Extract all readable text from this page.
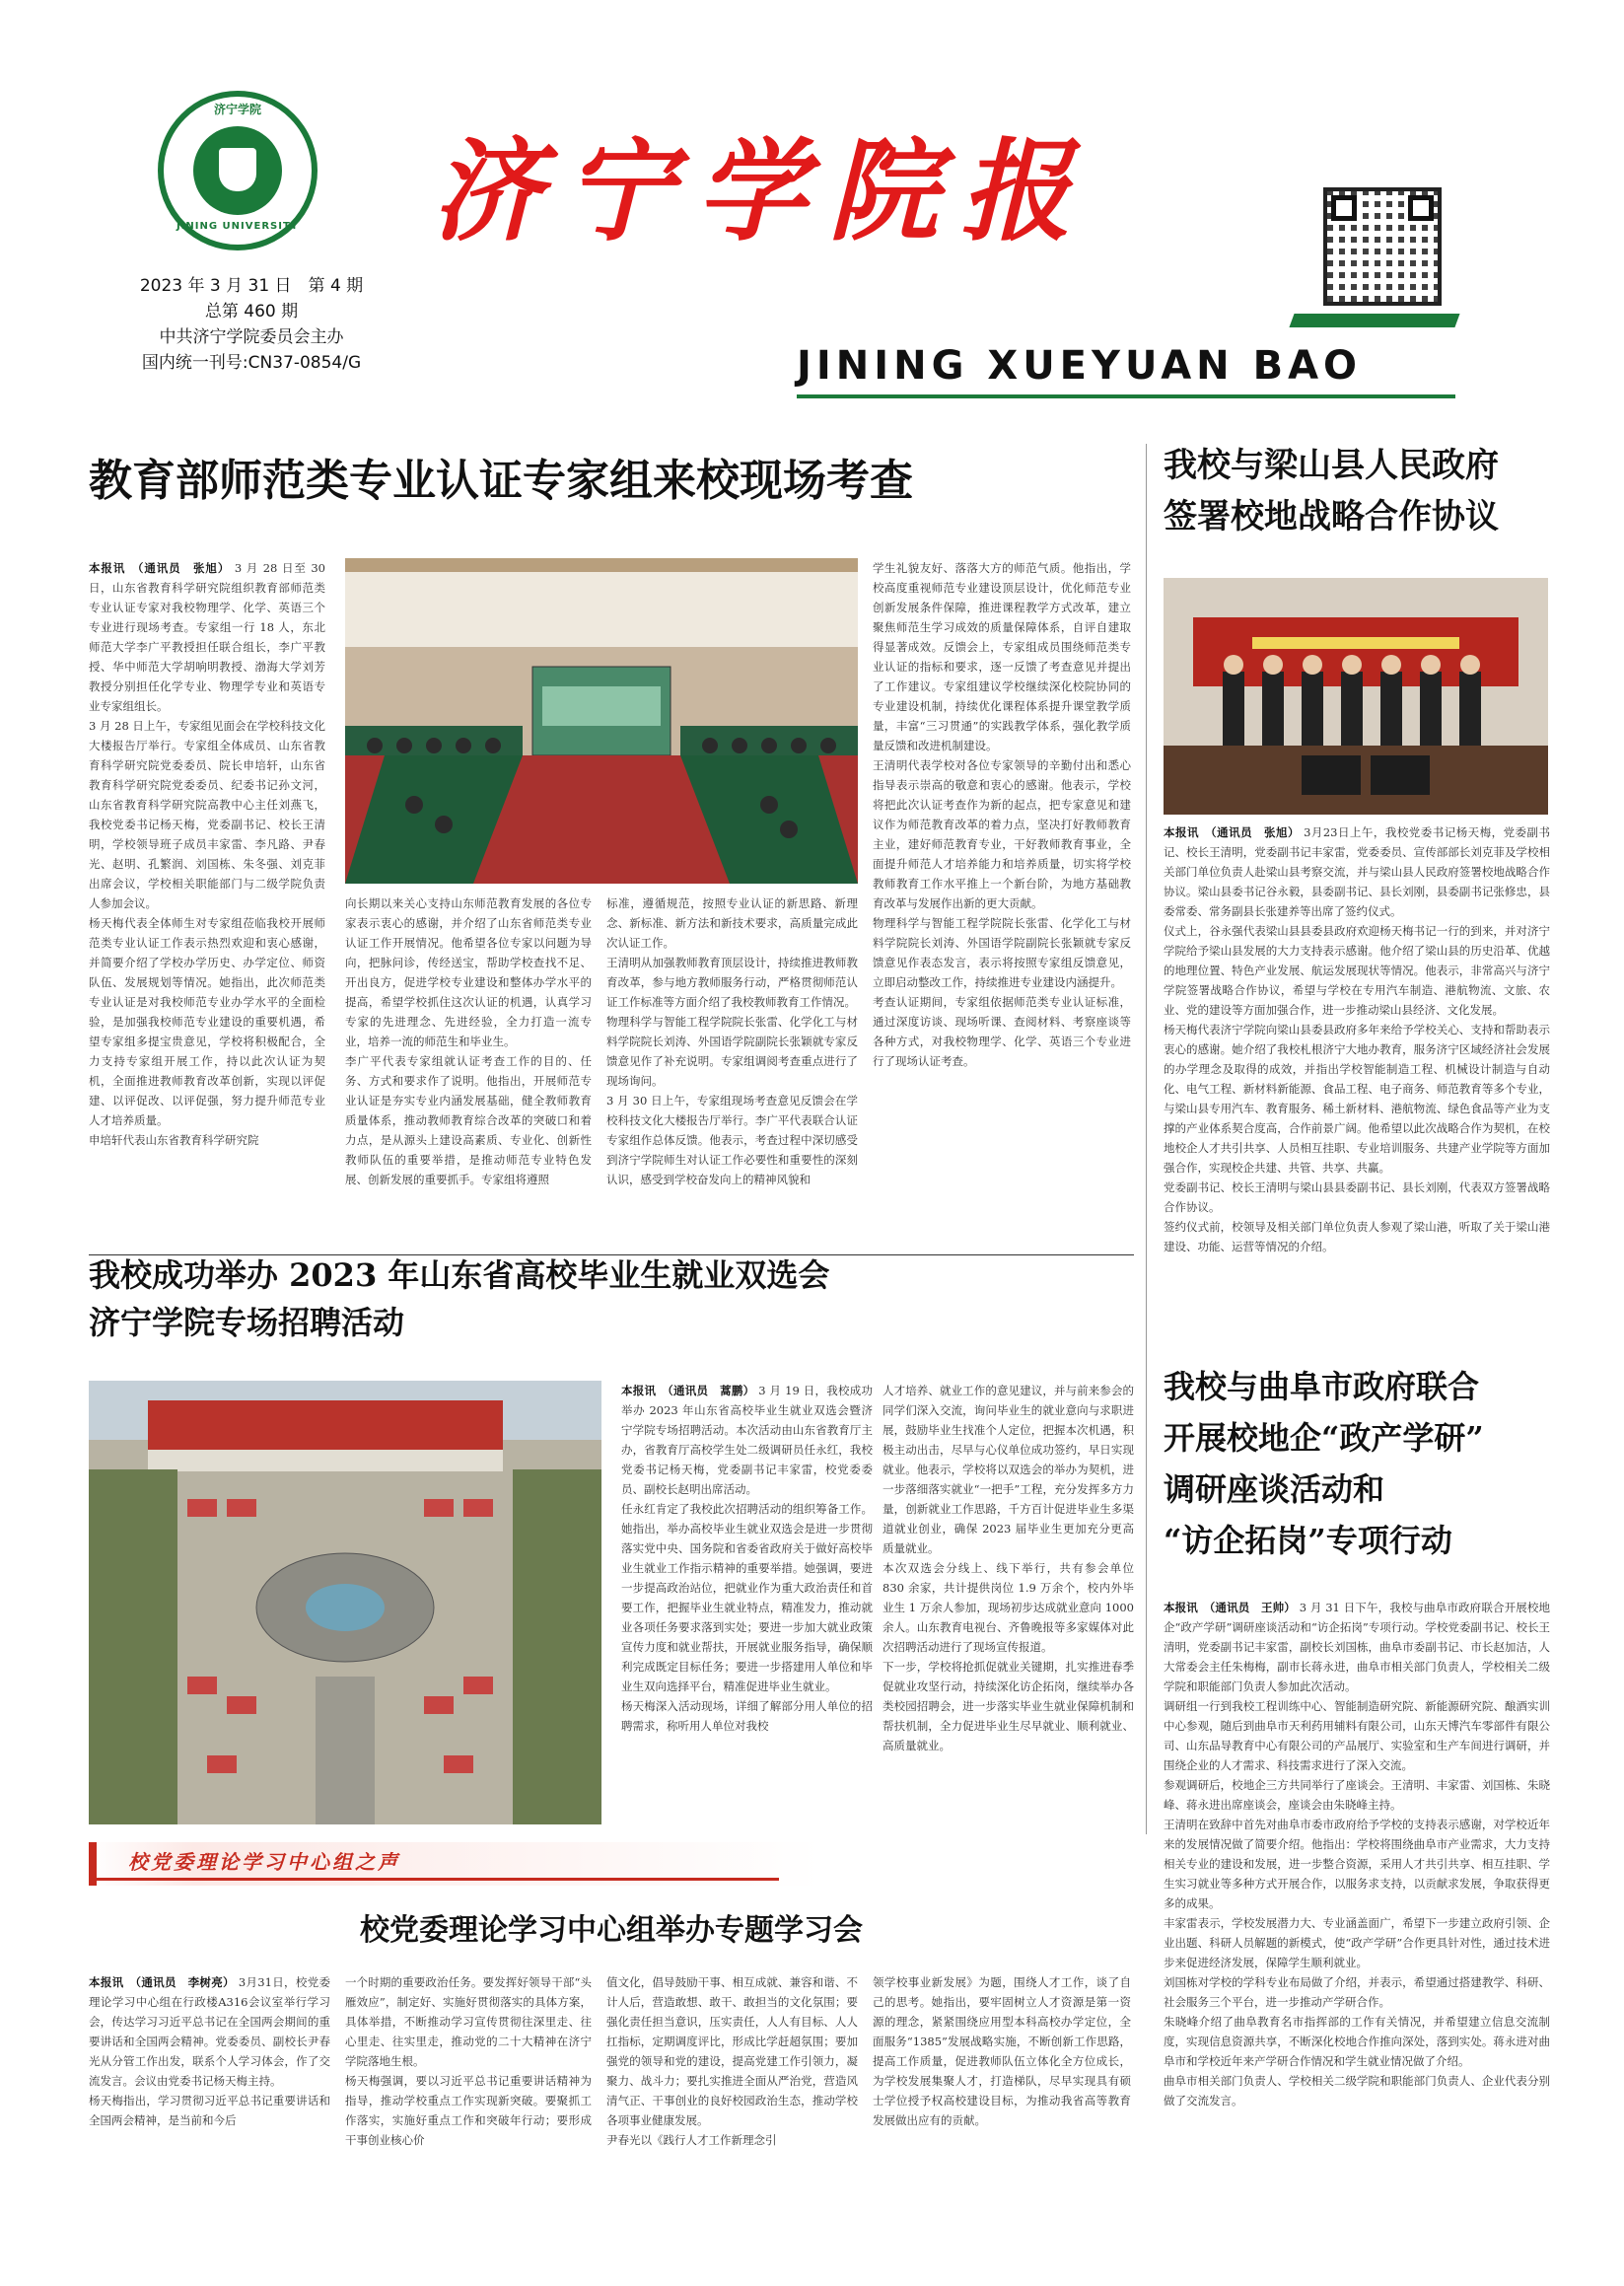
济宁学院
JINING UNIVERSITY
2023 年 3 月 31 日　第 4 期
总第 460 期
中共济宁学院委员会主办
国内统一刊号:CN37-0854/G
济宁学院报
JINING XUEYUAN BAO
教育部师范类专业认证专家组来校现场考查
本报讯　（通讯员　张旭） 3 月 28 日至 30 日，山东省教育科学研究院组织教育部师范类专业认证专家对我校物理学、化学、英语三个专业进行现场考查。专家组一行 18 人，东北师范大学李广平教授担任联合组长，李广平教授、华中师范大学胡响明教授、渤海大学刘芳教授分别担任化学专业、物理学专业和英语专业专家组组长。
3 月 28 日上午，专家组见面会在学校科技文化大楼报告厅举行。专家组全体成员、山东省教育科学研究院党委委员、院长申培轩，山东省教育科学研究院党委委员、纪委书记孙文河，山东省教育科学研究院高教中心主任刘燕飞，我校党委书记杨天梅，党委副书记、校长王清明，学校领导班子成员丰家雷、李凡路、尹春光、赵明、孔繁润、刘国栋、朱冬强、刘克菲出席会议，学校相关职能部门与二级学院负责人参加会议。
杨天梅代表全体师生对专家组莅临我校开展师范类专业认证工作表示热烈欢迎和衷心感谢，并简要介绍了学校办学历史、办学定位、师资队伍、发展规划等情况。她指出，此次师范类专业认证是对我校师范专业办学水平的全面检验，是加强我校师范专业建设的重要机遇，希望专家组多提宝贵意见，学校将积极配合，全力支持专家组开展工作，持以此次认证为契机，全面推进教师教育改革创新，实现以评促建、以评促改、以评促强，努力提升师范专业人才培养质量。
申培轩代表山东省教育科学研究院
向长期以来关心支持山东师范教育发展的各位专家表示衷心的感谢，并介绍了山东省师范类专业认证工作开展情况。他希望各位专家以问题为导向，把脉问诊，传经送宝，帮助学校查找不足、开出良方，促进学校专业建设和整体办学水平的提高，希望学校抓住这次认证的机遇，认真学习专家的先进理念、先进经验，全力打造一流专业，培养一流的师范生和毕业生。
李广平代表专家组就认证考查工作的目的、任务、方式和要求作了说明。他指出，开展师范专业认证是夯实专业内涵发展基础，健全教师教育质量体系，推动教师教育综合改革的突破口和着力点，是从源头上建设高素质、专业化、创新性教师队伍的重要举措，是推动师范专业特色发展、创新发展的重要抓手。专家组将遵照
标准，遵循规范，按照专业认证的新思路、新理念、新标准、新方法和新技术要求，高质量完成此次认证工作。
王清明从加强教师教育顶层设计，持续推进教师教育改革，参与地方教师服务行动，严格贯彻师范认证工作标准等方面介绍了我校教师教育工作情况。
物理科学与智能工程学院院长张雷、化学化工与材料学院院长刘涛、外国语学院副院长张颖就专家反馈意见作了补充说明。专家组调阅考查重点进行了现场询问。
3 月 30 日上午，专家组现场考查意见反馈会在学校科技文化大楼报告厅举行。李广平代表联合认证专家组作总体反馈。他表示，考查过程中深切感受到济宁学院师生对认证工作必要性和重要性的深刻认识，感受到学校奋发向上的精神风貌和
学生礼貌友好、落落大方的师范气质。他指出，学校高度重视师范专业建设顶层设计，优化师范专业创新发展条件保障，推进课程教学方式改革，建立聚焦师范生学习成效的质量保障体系，自评自建取得显著成效。反馈会上，专家组成员围绕师范类专业认证的指标和要求，逐一反馈了考查意见并提出了工作建议。专家组建议学校继续深化校院协同的专业建设机制，持续优化课程体系提升课堂教学质量，丰富“三习贯通”的实践教学体系，强化教学质量反馈和改进机制建设。
王清明代表学校对各位专家领导的辛勤付出和悉心指导表示崇高的敬意和衷心的感谢。他表示，学校将把此次认证考查作为新的起点，把专家意见和建议作为师范教育改革的着力点，坚决打好教师教育主业，建好师范教育专业，干好教师教育事业，全面提升师范人才培养能力和培养质量，切实将学校教师教育工作水平推上一个新台阶，为地方基础教育改革与发展作出新的更大贡献。
物理科学与智能工程学院院长张雷、化学化工与材料学院院长刘涛、外国语学院副院长张颖就专家反馈意见作表态发言，表示将按照专家组反馈意见，立即启动整改工作，持续推进专业建设内涵提升。
考查认证期间，专家组依据师范类专业认证标准，通过深度访谈、现场听课、查阅材料、考察座谈等各种方式，对我校物理学、化学、英语三个专业进行了现场认证考查。
我校与梁山县人民政府
签署校地战略合作协议
本报讯　（通讯员　张旭） 3月23日上午，我校党委书记杨天梅，党委副书记、校长王清明，党委副书记丰家雷，党委委员、宣传部部长刘克菲及学校相关部门单位负责人赴梁山县考察交流，并与梁山县人民政府签署校地战略合作协议。梁山县委书记谷永毅，县委副书记、县长刘刚，县委副书记张修忠，县委常委、常务副县长张建养等出席了签约仪式。
仪式上，谷永强代表梁山县县委县政府欢迎杨天梅书记一行的到来，并对济宁学院给予梁山县发展的大力支持表示感谢。他介绍了梁山县的历史沿革、优越的地理位置、特色产业发展、航运发展现状等情况。他表示，非常高兴与济宁学院签署战略合作协议，希望与学校在专用汽车制造、港航物流、文旅、农业、党的建设等方面加强合作，进一步推动梁山县经济、文化发展。
杨天梅代表济宁学院向梁山县委县政府多年来给予学校关心、支持和帮助表示衷心的感谢。她介绍了我校札根济宁大地办教育，服务济宁区域经济社会发展的办学理念及取得的成效，并指出学校智能制造工程、机械设计制造与自动化、电气工程、新材料新能源、食品工程、电子商务、师范教育等多个专业，与梁山县专用汽车、教育服务、稀土新材料、港航物流、绿色食品等产业为支撑的产业体系契合度高，合作前景广阔。他希望以此次战略合作为契机，在校地校企人才共引共享、人员相互挂职、专业培训服务、共建产业学院等方面加强合作，实现校企共建、共管、共享、共赢。
党委副书记、校长王清明与梁山县县委副书记、县长刘刚，代表双方签署战略合作协议。
签约仪式前，校领导及相关部门单位负责人参观了梁山港，听取了关于梁山港建设、功能、运营等情况的介绍。
我校成功举办 2023 年山东省高校毕业生就业双选会
济宁学院专场招聘活动
本报讯　（通讯员　蒿鹏） 3 月 19 日，我校成功举办 2023 年山东省高校毕业生就业双选会暨济宁学院专场招聘活动。本次活动由山东省教育厅主办，省教育厅高校学生处二级调研员任永红，我校党委书记杨天梅，党委副书记丰家雷，校党委委员、副校长赵明出席活动。
任永红肯定了我校此次招聘活动的组织筹备工作。她指出，举办高校毕业生就业双选会是进一步贯彻落实党中央、国务院和省委省政府关于做好高校毕业生就业工作指示精神的重要举措。她强调，要进一步提高政治站位，把就业作为重大政治责任和首要工作，把握毕业生就业特点，精准发力，推动就业各项任务要求落到实处；要进一步加大就业政策宣传力度和就业帮扶，开展就业服务指导，确保顺利完成既定目标任务；要进一步搭建用人单位和毕业生双向选择平台，精准促进毕业生就业。
杨天梅深入活动现场，详细了解部分用人单位的招聘需求，称听用人单位对我校
人才培养、就业工作的意见建议，并与前来参会的同学们深入交流，询问毕业生的就业意向与求职进展，鼓励毕业生找准个人定位，把握本次机遇，积极主动出击，尽早与心仪单位成功签约，早日实现就业。他表示，学校将以双选会的举办为契机，进一步落细落实就业“一把手”工程，充分发挥多方力量，创新就业工作思路，千方百计促进毕业生多渠道就业创业，确保 2023 届毕业生更加充分更高质量就业。
本次双选会分线上、线下举行，共有参会单位 830 余家，共计提供岗位 1.9 万余个，校内外毕业生 1 万余人参加，现场初步达成就业意向 1000 余人。山东教育电视台、齐鲁晚报等多家媒体对此次招聘活动进行了现场宣传报道。
下一步，学校将抢抓促就业关键期，扎实推进春季促就业攻坚行动，持续深化访企拓岗，继续举办各类校园招聘会，进一步落实毕业生就业保障机制和帮扶机制，全力促进毕业生尽早就业、顺利就业、高质量就业。
我校与曲阜市政府联合
开展校地企“政产学研”
调研座谈活动和
“访企拓岗”专项行动
本报讯　（通讯员　王帅） 3 月 31 日下午，我校与曲阜市政府联合开展校地企“政产学研”调研座谈活动和“访企拓岗”专项行动。学校党委副书记、校长王清明，党委副书记丰家雷，副校长刘国栋，曲阜市委副书记、市长赵加洁，人大常委会主任朱梅梅，副市长蒋永进，曲阜市相关部门负责人，学校相关二级学院和职能部门负责人参加此次活动。
调研组一行到我校工程训练中心、智能制造研究院、新能源研究院、酿酒实训中心参观，随后到曲阜市天利药用辅料有限公司，山东天博汽车零部件有限公司、山东品导教育中心有限公司的产品展厅、实验室和生产车间进行调研，并围绕企业的人才需求、科技需求进行了深入交流。
参观调研后，校地企三方共同举行了座谈会。王清明、丰家雷、刘国栋、朱晓峰、蒋永进出席座谈会，座谈会由朱晓峰主持。
王清明在致辞中首先对曲阜市委市政府给予学校的支持表示感谢，对学校近年来的发展情况做了简要介绍。他指出：学校将围绕曲阜市产业需求，大力支持相关专业的建设和发展，进一步整合资源，采用人才共引共享、相互挂职、学生实习就业等多种方式开展合作，以服务求支持，以贡献求发展，争取获得更多的成果。
丰家雷表示，学校发展潜力大、专业涵盖面广，希望下一步建立政府引领、企业出题、科研人员解题的新模式，使“政产学研”合作更具针对性，通过技术进步来促进经济发展，保障学生顺利就业。
刘国栋对学校的学科专业布局做了介绍，并表示，希望通过搭建教学、科研、社会服务三个平台，进一步推动产学研合作。
朱晓峰介绍了曲阜教育名市指挥部的工作有关情况，并希望建立信息交流制度，实现信息资源共享，不断深化校地合作推向深处，落到实处。蒋永进对曲阜市和学校近年来产学研合作情况和学生就业情况做了介绍。
曲阜市相关部门负责人、学校相关二级学院和职能部门负责人、企业代表分别做了交流发言。
校党委理论学习中心组之声
校党委理论学习中心组举办专题学习会
本报讯　（通讯员　李树亮） 3月31日，校党委理论学习中心组在行政楼A316会议室举行学习会，传达学习习近平总书记在全国两会期间的重要讲话和全国两会精神。党委委员、副校长尹春光从分管工作出发，联系个人学习体会，作了交流发言。会议由党委书记杨天梅主持。
杨天梅指出，学习贯彻习近平总书记重要讲话和全国两会精神，是当前和今后
一个时期的重要政治任务。要发挥好领导干部“头雁效应”，制定好、实施好贯彻落实的具体方案，具体举措，不断推动学习宣传贯彻往深里走、往心里走、往实里走，推动党的二十大精神在济宁学院落地生根。
杨天梅强调，要以习近平总书记重要讲话精神为指导，推动学校重点工作实现新突破。要聚抓工作落实，实施好重点工作和突破年行动；要形成干事创业核心价
值文化，倡导鼓励干事、相互成就、兼容和谐、不计人后，营造敢想、敢干、敢担当的文化氛围；要强化责任担当意识，压实责任，人人有目标、人人扛指标，定期调度评比，形成比学赶超氛围；要加强党的领导和党的建设，提高党建工作引领力，凝聚力、战斗力；要扎实推进全面从严治党，营造风清气正、干事创业的良好校园政治生态，推动学校各项事业健康发展。
尹春光以《践行人才工作新理念引
领学校事业新发展》为题，围绕人才工作，谈了自己的思考。她指出，要牢固树立人才资源是第一资源的理念，紧紧围绕应用型本科高校办学定位，全面服务“1385”发展战略实施，不断创新工作思路，提高工作质量，促进教师队伍立体化全方位成长，为学校发展集聚人才，打造梯队，尽早实现具有硕士学位授予权高校建设目标，为推动我省高等教育发展做出应有的贡献。
